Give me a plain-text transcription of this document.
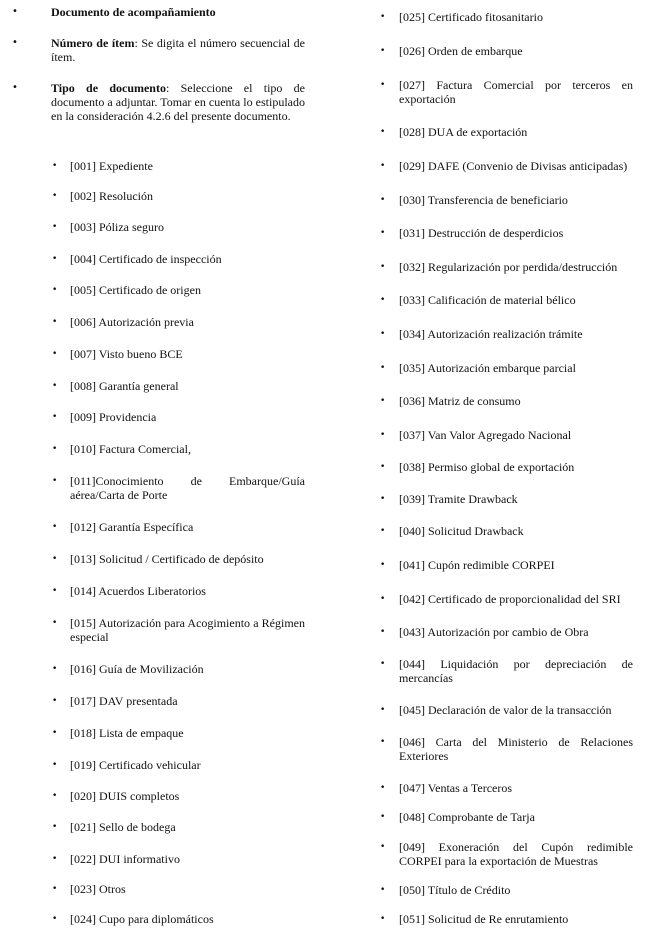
•	Documento de acompañamiento
•	Número de ítem: Se digita el número secuencial de ítem.
•	Tipo de documento: Seleccione el tipo de documento a adjuntar. Tomar en cuenta lo estipulado en la consideración 4.2.6 del presente documento.
• [001] Expediente
• [002] Resolución
• [003] Póliza seguro
• [004] Certificado de inspección
• [005] Certificado de origen
• [006] Autorización previa
• [007] Visto bueno BCE
• [008] Garantía general
• [009] Providencia
• [010] Factura Comercial,
• [011]Conocimiento de Embarque/Guía aérea/Carta de Porte
• [012] Garantía Específica
• [013] Solicitud / Certificado de depósito
• [014] Acuerdos Liberatorios
• [015] Autorización para Acogimiento a Régimen especial
• [016] Guía de Movilización
• [017] DAV presentada
• [018] Lista de empaque
• [019] Certificado vehicular
• [020] DUIS completos
• [021] Sello de bodega
• [022] DUI informativo
• [023] Otros
• [024] Cupo para diplomáticos
• [025] Certificado fitosanitario
• [026] Orden de embarque
• [027] Factura Comercial por terceros en exportación
• [028] DUA de exportación
• [029] DAFE (Convenio de Divisas anticipadas)
• [030] Transferencia de beneficiario
• [031] Destrucción de desperdicios
• [032] Regularización por perdida/destrucción
• [033] Calificación de material bélico
• [034] Autorización realización trámite
• [035] Autorización embarque parcial
• [036] Matriz de consumo
• [037] Van Valor Agregado Nacional
• [038] Permiso global de exportación
• [039] Tramite Drawback
• [040] Solicitud Drawback
• [041] Cupón redimible CORPEI
• [042] Certificado de proporcionalidad del SRI
• [043] Autorización por cambio de Obra
• [044] Liquidación por depreciación de mercancías
• [045] Declaración de valor de la transacción
• [046] Carta del Ministerio de Relaciones Exteriores
• [047] Ventas a Terceros
• [048] Comprobante de Tarja
• [049] Exoneración del Cupón redimible CORPEI para la exportación de Muestras
• [050] Título de Crédito
• [051] Solicitud de Re enrutamiento
